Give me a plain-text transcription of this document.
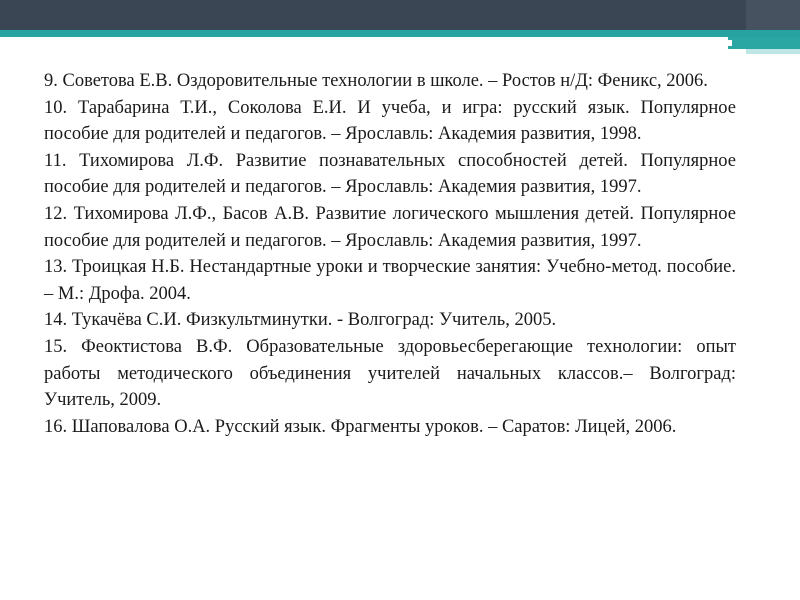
9. Советова Е.В. Оздоровительные технологии в школе. – Ростов н/Д: Феникс, 2006.

10. Тарабарина Т.И., Соколова Е.И. И учеба, и игра: русский язык. Популярное пособие для родителей и педагогов. – Ярославль: Академия развития, 1998.

11. Тихомирова Л.Ф. Развитие познавательных способностей детей. Популярное пособие для родителей и педагогов. – Ярославль: Академия развития, 1997.

12. Тихомирова Л.Ф., Басов А.В. Развитие логического мышления детей. Популярное пособие для родителей и педагогов. – Ярославль: Академия развития, 1997.

13. Троицкая Н.Б. Нестандартные уроки и творческие занятия: Учебно-метод. пособие. – М.: Дрофа. 2004.

14. Тукачёва С.И. Физкультминутки. - Волгоград: Учитель, 2005.

15. Феоктистова В.Ф. Образовательные здоровьесберегающие технологии: опыт работы методического объединения учителей начальных классов.– Волгоград: Учитель, 2009.

16. Шаповалова О.А. Русский язык. Фрагменты уроков. – Саратов: Лицей, 2006.
